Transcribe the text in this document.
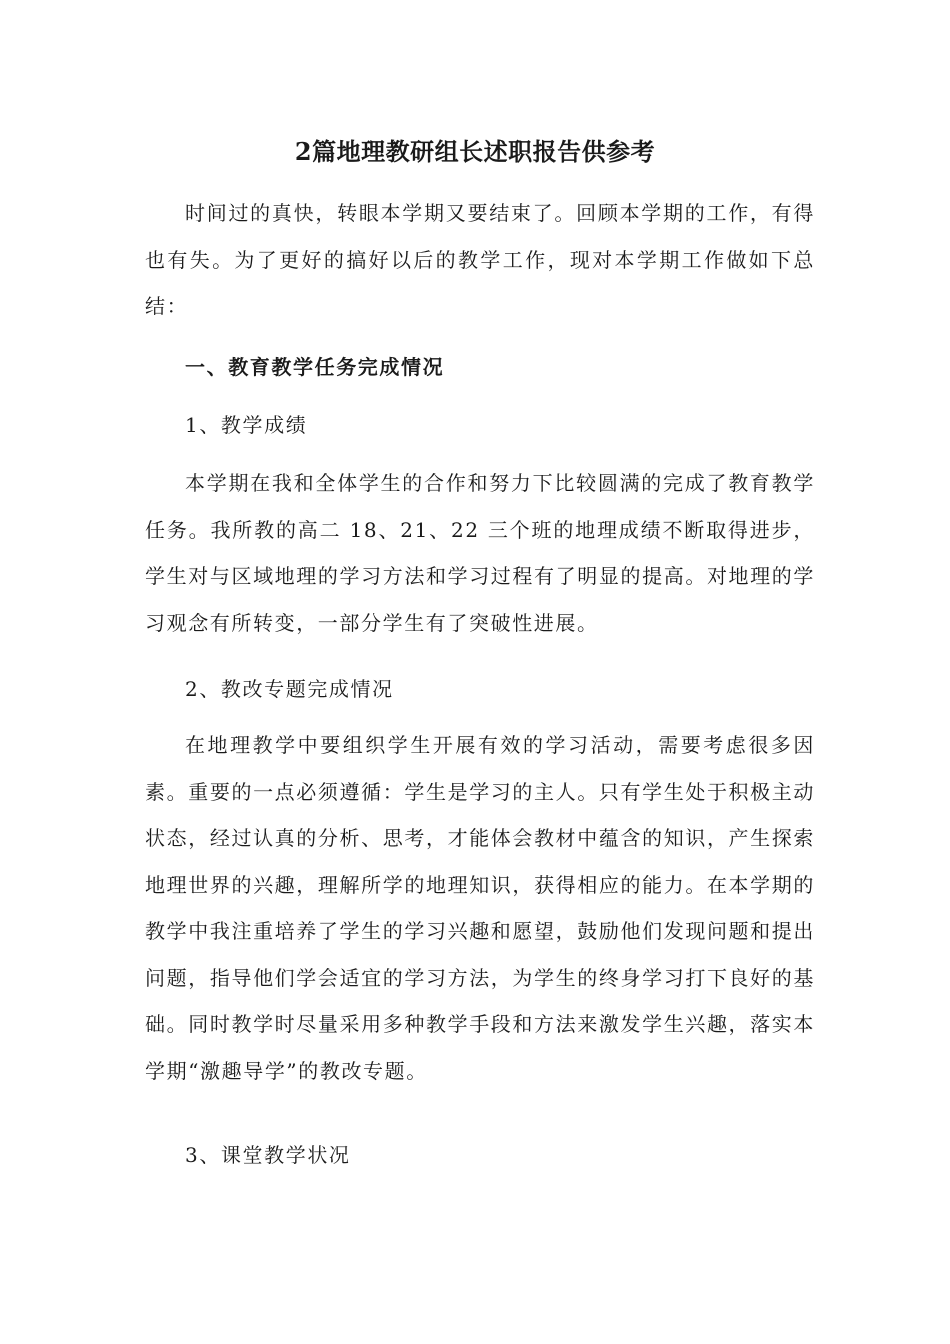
2篇地理教研组长述职报告供参考
时间过的真快，转眼本学期又要结束了。回顾本学期的工作，有得也有失。为了更好的搞好以后的教学工作，现对本学期工作做如下总结：
一、教育教学任务完成情况
1、教学成绩
本学期在我和全体学生的合作和努力下比较圆满的完成了教育教学任务。我所教的高二 18、21、22 三个班的地理成绩不断取得进步，学生对与区域地理的学习方法和学习过程有了明显的提高。对地理的学习观念有所转变，一部分学生有了突破性进展。
2、教改专题完成情况
在地理教学中要组织学生开展有效的学习活动，需要考虑很多因素。重要的一点必须遵循：学生是学习的主人。只有学生处于积极主动状态，经过认真的分析、思考，才能体会教材中蕴含的知识，产生探索地理世界的兴趣，理解所学的地理知识，获得相应的能力。在本学期的教学中我注重培养了学生的学习兴趣和愿望，鼓励他们发现问题和提出问题，指导他们学会适宜的学习方法，为学生的终身学习打下良好的基础。同时教学时尽量采用多种教学手段和方法来激发学生兴趣，落实本学期“激趣导学”的教改专题。
3、课堂教学状况
